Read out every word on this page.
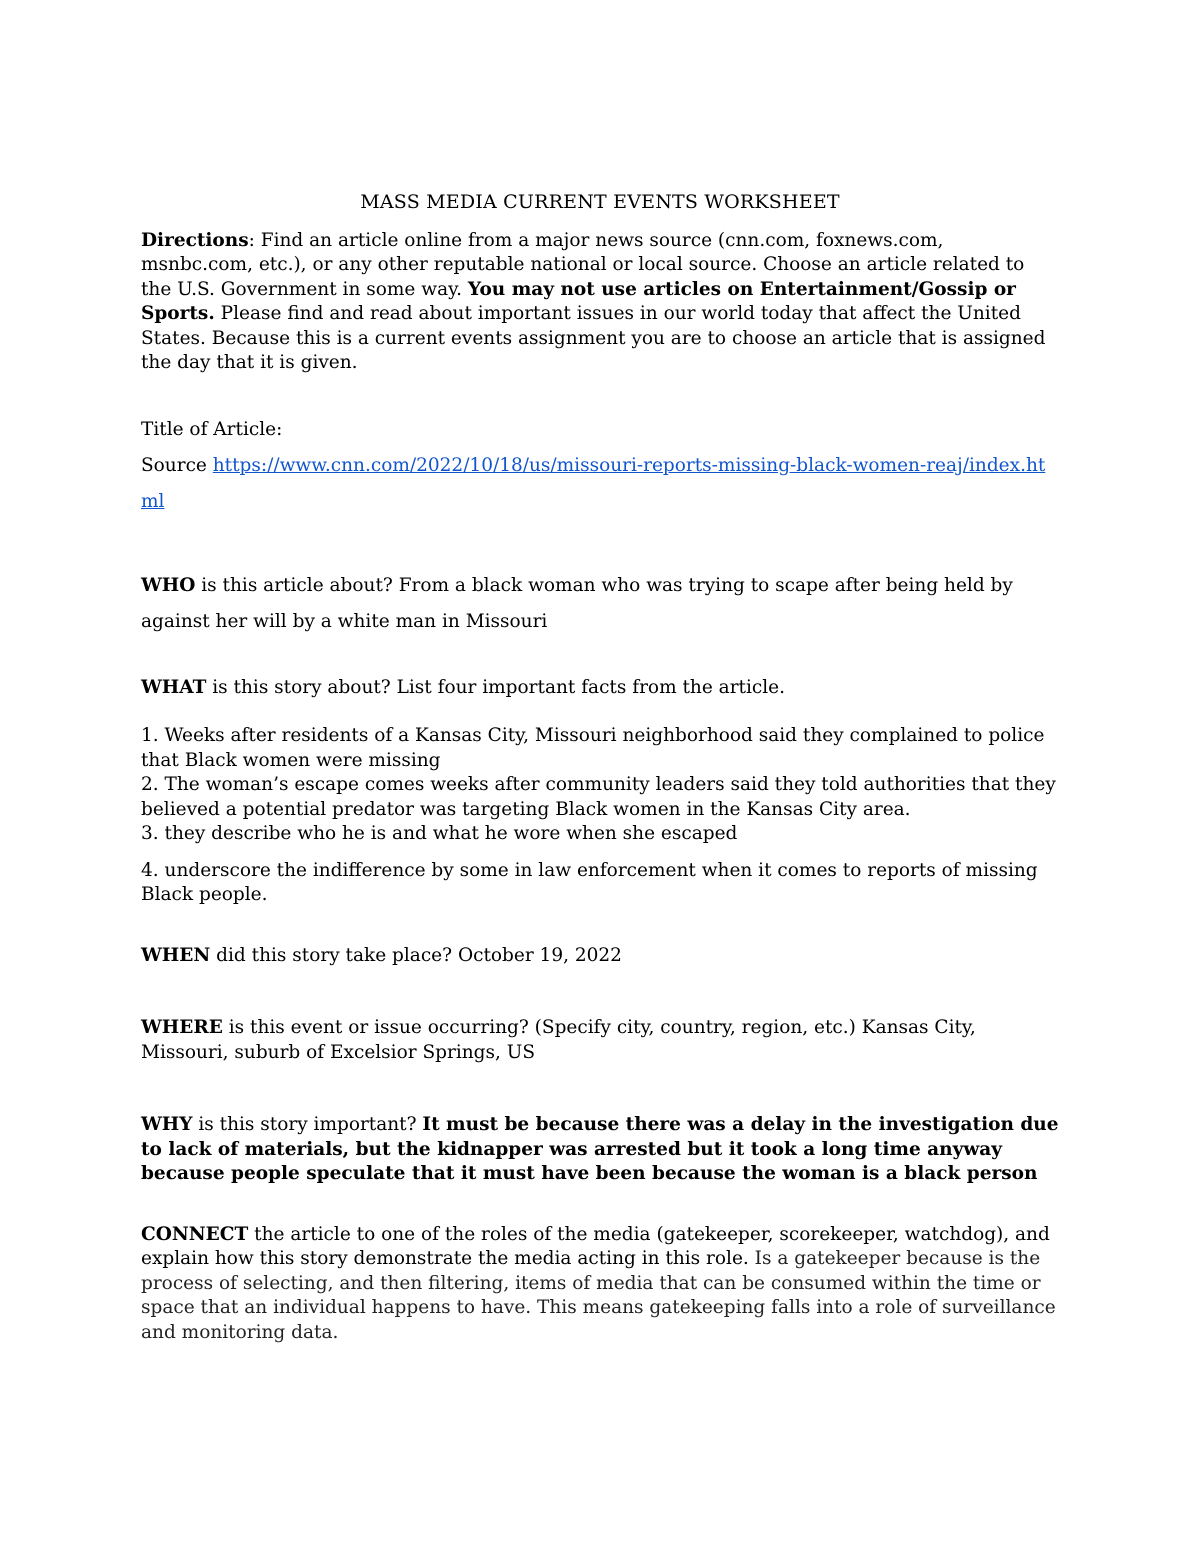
MASS MEDIA CURRENT EVENTS WORKSHEET

Directions: Find an article online from a major news source (cnn.com, foxnews.com, msnbc.com, etc.), or any other reputable national or local source. Choose an article related to the U.S. Government in some way. You may not use articles on Entertainment/Gossip or Sports. Please find and read about important issues in our world today that affect the United States. Because this is a current events assignment you are to choose an article that is assigned the day that it is given.

Title of Article:

Source https://www.cnn.com/2022/10/18/us/missouri-reports-missing-black-women-reaj/index.html

WHO is this article about? From a black woman who was trying to scape after being held by against her will by a white man in Missouri

WHAT is this story about? List four important facts from the article.

1. Weeks after residents of a Kansas City, Missouri neighborhood said they complained to police that Black women were missing

2. The woman’s escape comes weeks after community leaders said they told authorities that they believed a potential predator was targeting Black women in the Kansas City area.

3. they describe who he is and what he wore when she escaped

4. underscore the indifference by some in law enforcement when it comes to reports of missing Black people.

WHEN did this story take place? October 19, 2022

WHERE is this event or issue occurring? (Specify city, country, region, etc.) Kansas City, Missouri, suburb of Excelsior Springs, US

WHY is this story important? It must be because there was a delay in the investigation due to lack of materials, but the kidnapper was arrested but it took a long time anyway because people speculate that it must have been because the woman is a black person

CONNECT the article to one of the roles of the media (gatekeeper, scorekeeper, watchdog), and explain how this story demonstrate the media acting in this role. Is a gatekeeper because is the process of selecting, and then filtering, items of media that can be consumed within the time or space that an individual happens to have. This means gatekeeping falls into a role of surveillance and monitoring data.
